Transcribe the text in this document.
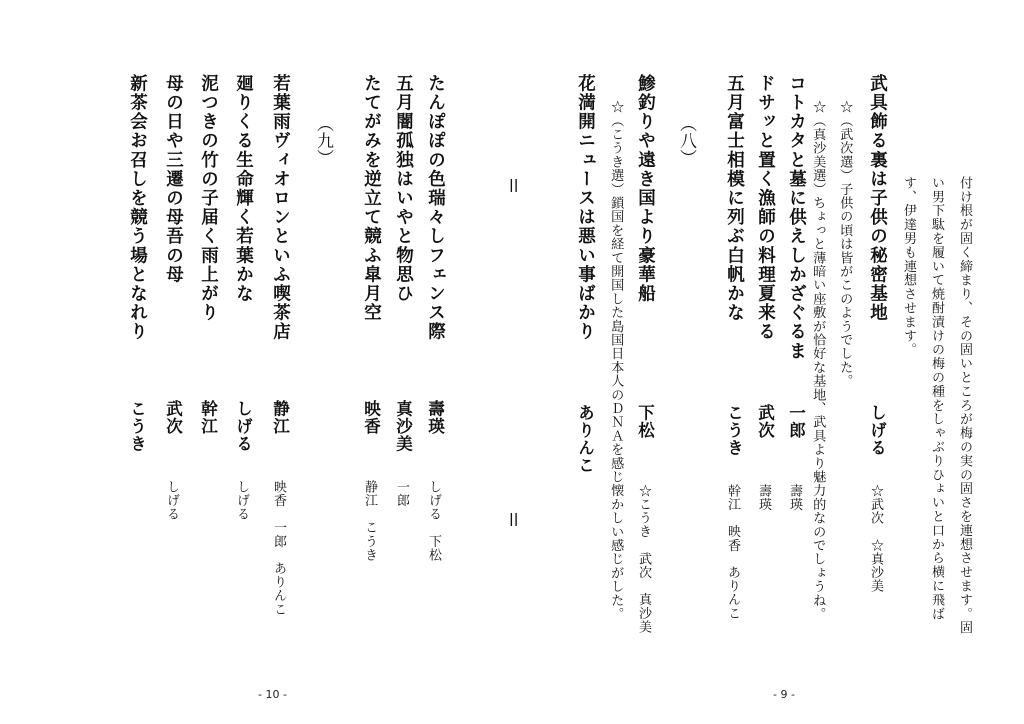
付け根が固く締まり、その固いところが梅の実の固さを連想させます。固
い男下駄を履いて焼酎漬けの梅の種をしゃぶりひょいと口から横に飛ば
す、伊達男も連想させます。
武具飾る裏は子供の秘密基地
しげる
☆武次　☆真沙美
☆（武次選）子供の頃は皆がこのようでした。
☆（真沙美選）ちょっと薄暗い座敷が恰好な基地、武具より魅力的なのでしょうね。
コトカタと墓に供えしかざぐるま
一郎
壽瑛
ドサッと置く漁師の料理夏来る
武次
壽瑛
五月富士相模に列ぶ白帆かな
こうき
幹江　映香　ありんこ
（八）
鯵釣りや遠き国より豪華船
下松
☆こうき　武次　真沙美
☆（こうき選）鎖国を経て開国した島国日本人のＤＮＡを感じ懐かしい感じがした。
花満開ニュースは悪い事ばかり
ありんこ
- 9 -
||
||
たんぽぽの色瑞々しフェンス際
壽瑛
しげる　下松
五月闇孤独はいやと物思ひ
真沙美
一郎
たてがみを逆立て競ふ皐月空
映香
静江　こうき
（九）
若葉雨ヴィオロンといふ喫茶店
静江
映香　一郎　ありんこ
廻りくる生命輝く若葉かな
しげる
しげる
泥つきの竹の子届く雨上がり
幹江
母の日や三遷の母吾の母
武次
しげる
新茶会お召しを競う場となれり
こうき
- 10 -
